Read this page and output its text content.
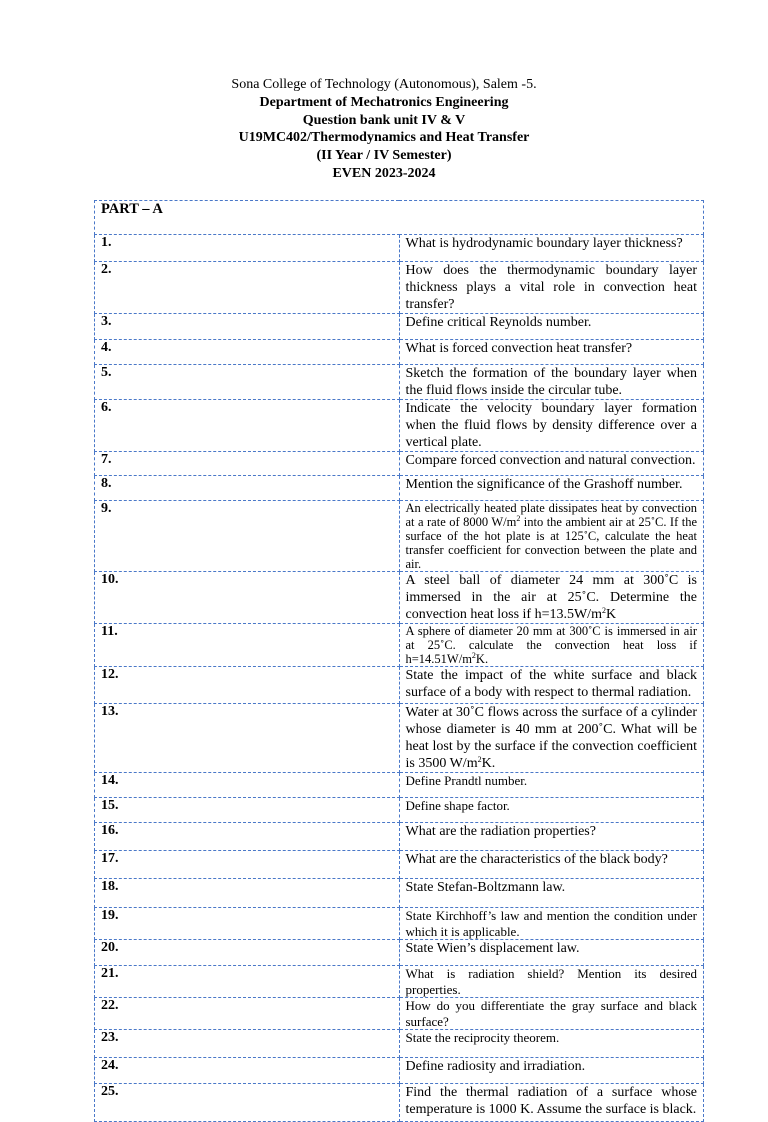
Sona College of Technology (Autonomous), Salem -5.
Department of Mechatronics Engineering
Question bank unit IV & V
U19MC402/Thermodynamics and Heat Transfer
(II Year / IV Semester)
EVEN 2023-2024
PART – A	
1.	What is hydrodynamic boundary layer thickness?
2.	How does the thermodynamic boundary layer thickness plays a vital role in convection heat transfer?
3.	Define critical Reynolds number.
4.	What is forced convection heat transfer?
5.	Sketch the formation of the boundary layer when the fluid flows inside the circular tube.
6.	Indicate the velocity boundary layer formation when the fluid flows by density difference over a vertical plate.
7.	Compare forced convection and natural convection.
8.	Mention the significance of the Grashoff number.
9.	An electrically heated plate dissipates heat by convection at a rate of 8000 $W/m^2$ into the ambient air at 25˚C. If the surface of the hot plate is at 125˚C, calculate the heat transfer coefficient for convection between the plate and air.
10.	A steel ball of diameter 24 mm at 300˚C is immersed in the air at 25˚C. Determine the convection heat loss if $h=13.5W/m^2K$
11.	A sphere of diameter 20 mm at 300˚C is immersed in air at 25˚C. calculate the convection heat loss if $h=14.51W/m^2K$.
12.	State the impact of the white surface and black surface of a body with respect to thermal radiation.
13.	Water at 30˚C flows across the surface of a cylinder whose diameter is 40 mm at 200˚C. What will be heat lost by the surface if the convection coefficient is 3500 $W/m^2K$.
14.	Define Prandtl number.
15.	Define shape factor.
16.	What are the radiation properties?
17.	What are the characteristics of the black body?
18.	State Stefan-Boltzmann law.
19.	State Kirchhoff’s law and mention the condition under which it is applicable.
20.	State Wien’s displacement law.
21.	What is radiation shield? Mention its desired properties.
22.	How do you differentiate the gray surface and black surface?
23.	State the reciprocity theorem.
24.	Define radiosity and irradiation.
25.	Find the thermal radiation of a surface whose temperature is 1000 K. Assume the surface is black.
